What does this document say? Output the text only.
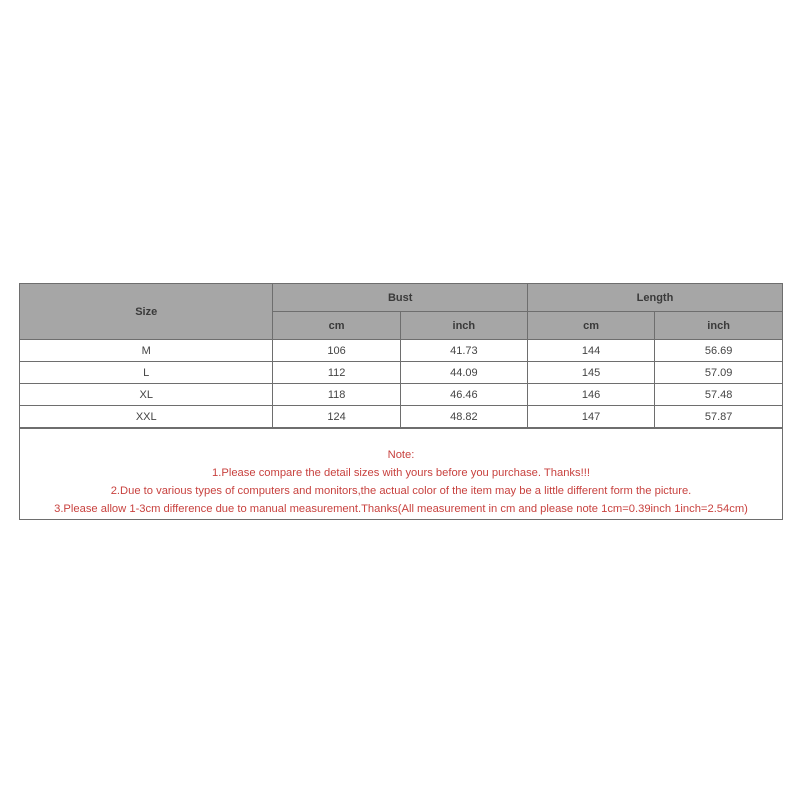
Size	Bust		Length	
	cm	inch	cm	inch
M	106	41.73	144	56.69
L	112	44.09	145	57.09
XL	118	46.46	146	57.48
XXL	124	48.82	147	57.87
Note:
1.Please compare the detail sizes with yours before you purchase. Thanks!!!
2.Due to various types of computers and monitors,the actual color of the item may be a little different form the picture.
3.Please allow 1-3cm difference due to manual measurement.Thanks(All measurement in cm and please note 1cm=0.39inch 1inch=2.54cm)
